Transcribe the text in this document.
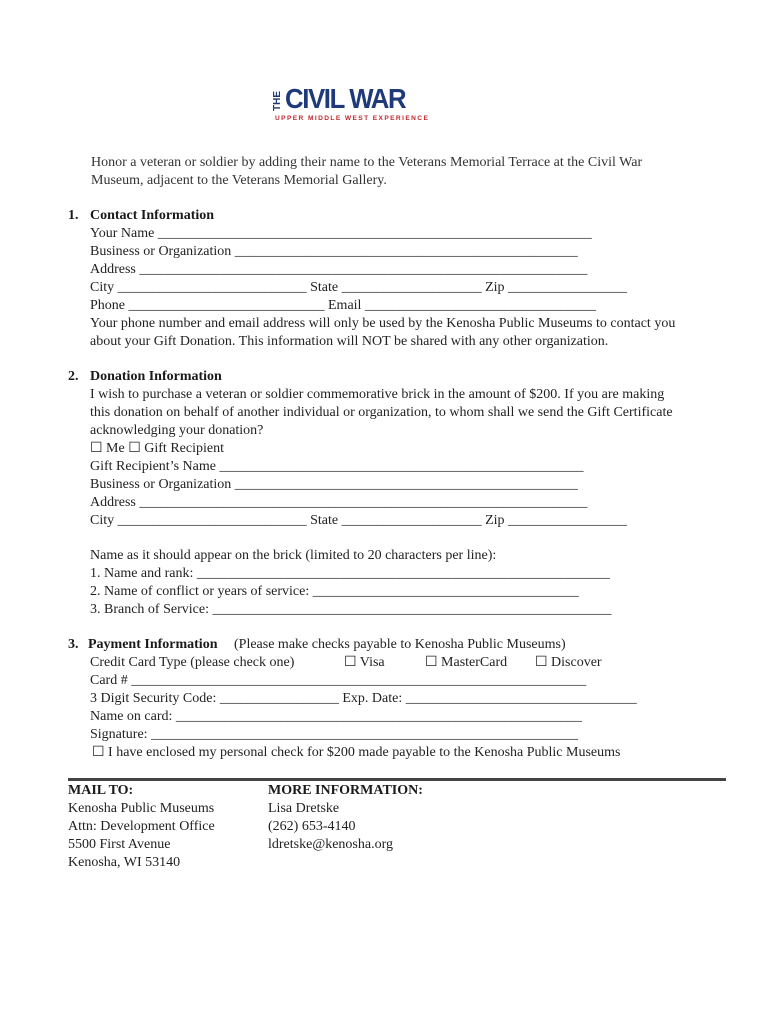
THE CIVIL WAR
UPPER MIDDLE WEST EXPERIENCE
Honor a veteran or soldier by adding their name to the Veterans Memorial Terrace at the Civil War
Museum, adjacent to the Veterans Memorial Gallery.
1. Contact Information
Your Name ______________________________________________________________
Business or Organization _________________________________________________
Address ________________________________________________________________
City ___________________________ State ____________________ Zip _________________
Phone ____________________________ Email _________________________________
Your phone number and email address will only be used by the Kenosha Public Museums to contact you
about your Gift Donation. This information will NOT be shared with any other organization.
2. Donation Information
I wish to purchase a veteran or soldier commemorative brick in the amount of $200. If you are making
this donation on behalf of another individual or organization, to whom shall we send the Gift Certificate
acknowledging your donation?
☐ Me ☐ Gift Recipient
Gift Recipient’s Name ____________________________________________________
Business or Organization _________________________________________________
Address ________________________________________________________________
City ___________________________ State ____________________ Zip _________________
Name as it should appear on the brick (limited to 20 characters per line):
1. Name and rank: ___________________________________________________________
2. Name of conflict or years of service: ______________________________________
3. Branch of Service: _________________________________________________________
3. Payment Information (Please make checks payable to Kenosha Public Museums)
Credit Card Type (please check one)	☐ Visa	☐ MasterCard ☐ Discover
Card # _________________________________________________________________
3 Digit Security Code: _________________ Exp. Date: _________________________________
Name on card: __________________________________________________________
Signature: _____________________________________________________________
☐ I have enclosed my personal check for $200 made payable to the Kenosha Public Museums
MAIL TO:
Kenosha Public Museums
Attn: Development Office
5500 First Avenue
Kenosha, WI 53140
MORE INFORMATION:
Lisa Dretske
(262) 653-4140
ldretske@kenosha.org
